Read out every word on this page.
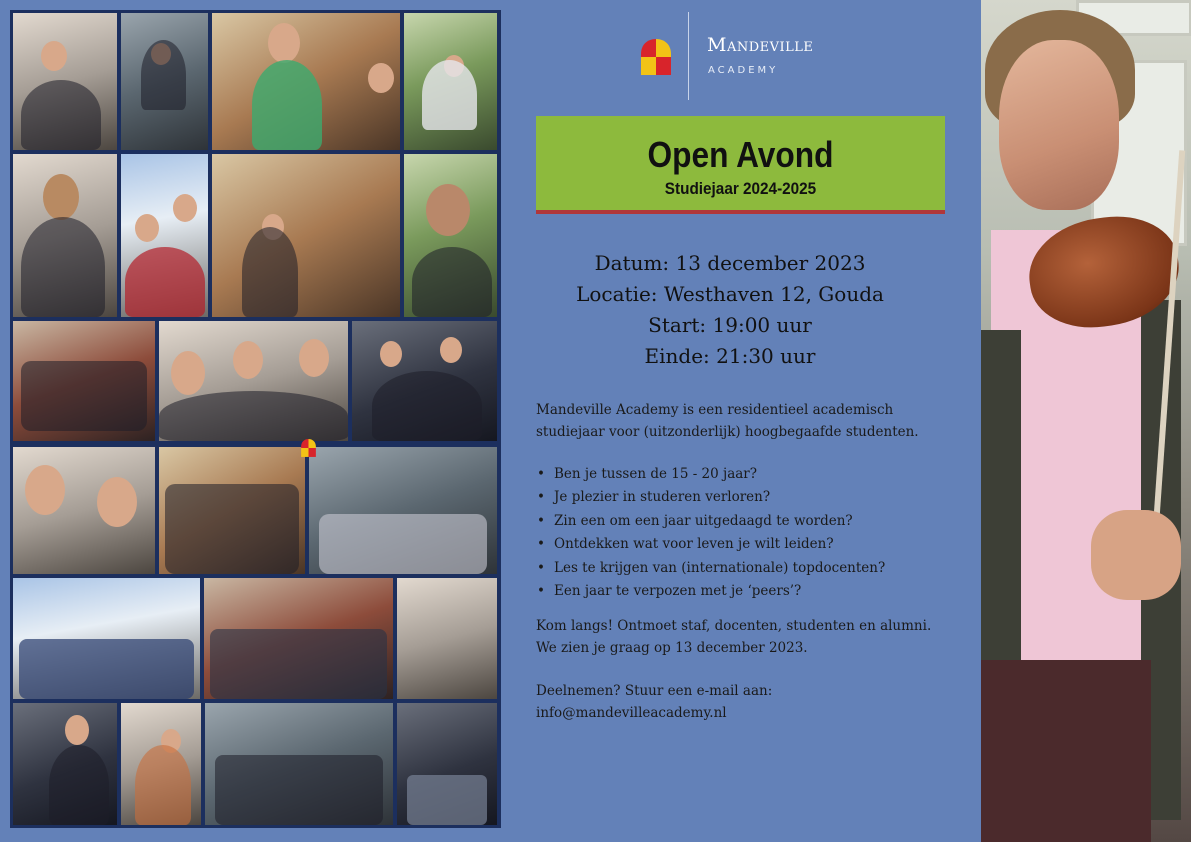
Mandeville
ACADEMY
Open Avond
Studiejaar 2024-2025
Datum: 13 december 2023
Locatie: Westhaven 12, Gouda
Start: 19:00 uur
Einde: 21:30 uur
Mandeville Academy is een residentieel academisch studiejaar voor (uitzonderlijk) hoogbegaafde studenten.
• Ben je tussen de 15 - 20 jaar?
• Je plezier in studeren verloren?
• Zin een om een jaar uitgedaagd te worden?
• Ontdekken wat voor leven je wilt leiden?
• Les te krijgen van (internationale) topdocenten?
• Een jaar te verpozen met je ‘peers’?
Kom langs! Ontmoet staf, docenten, studenten en alumni. We zien je graag op 13 december 2023.
Deelnemen? Stuur een e-mail aan:
info@mandevilleacademy.nl
